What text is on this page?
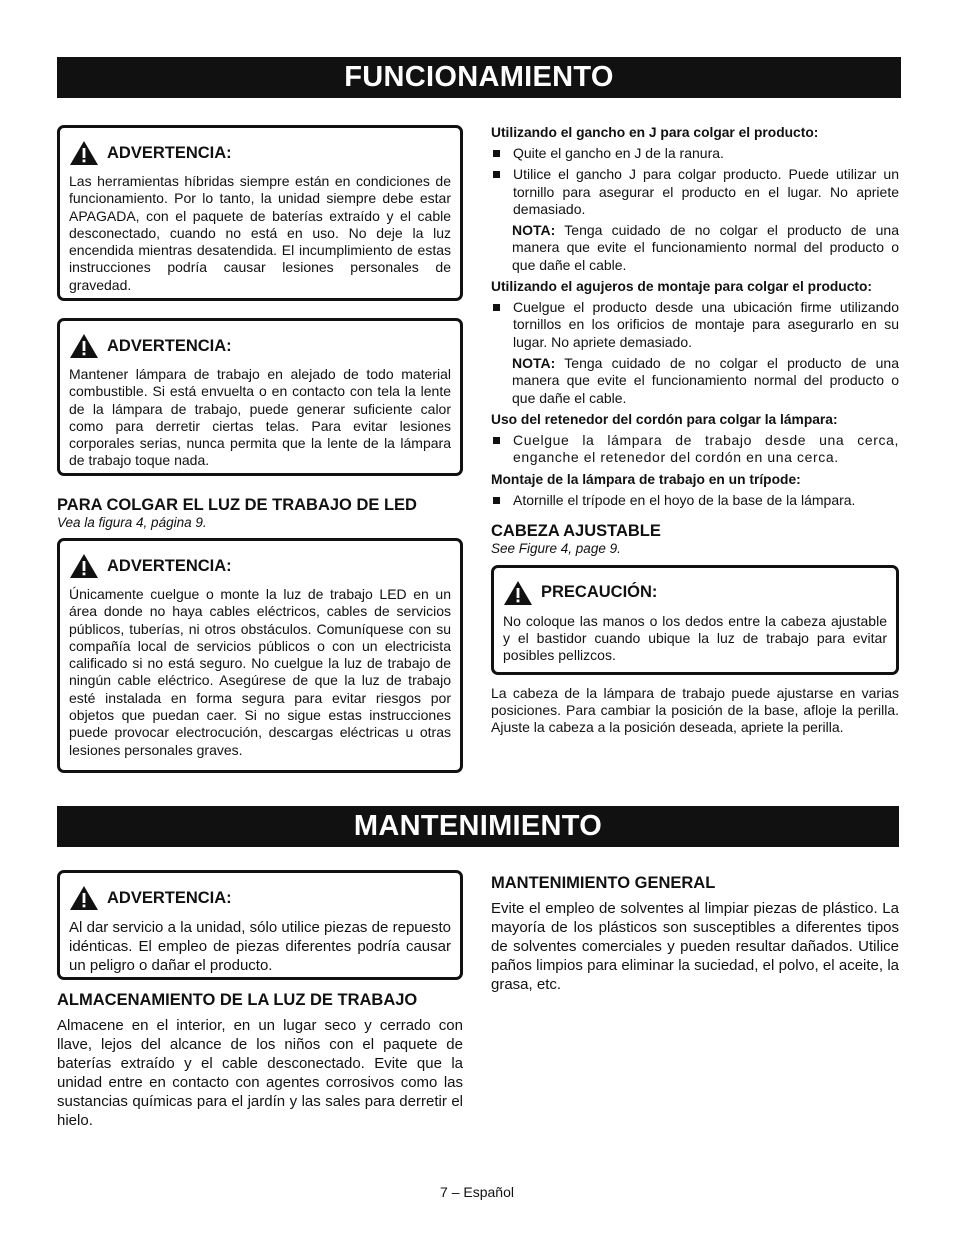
FUNCIONAMIENTO
ADVERTENCIA:
Las herramientas híbridas siempre están en condiciones de funcionamiento. Por lo tanto, la unidad siempre debe estar APAGADA, con el paquete de baterías extraído y el cable desconectado, cuando no está en uso. No deje la luz encendida mientras desatendida. El incumplimiento de estas instrucciones podría causar lesiones personales de gravedad.
ADVERTENCIA:
Mantener lámpara de trabajo en alejado de todo material combustible. Si está envuelta o en contacto con tela la lente de la lámpara de trabajo, puede generar suficiente calor como para derretir ciertas telas. Para evitar lesiones corporales serias, nunca permita que la lente de la lámpara de trabajo toque nada.
PARA COLGAR EL LUZ DE TRABAJO DE LED
Vea la figura 4, página 9.
ADVERTENCIA:
Únicamente cuelgue o monte la luz de trabajo LED en un área donde no haya cables eléctricos, cables de servicios públicos, tuberías, ni otros obstáculos. Comuníquese con su compañía local de servicios públicos o con un electricista calificado si no está seguro. No cuelgue la luz de trabajo de ningún cable eléctrico. Asegúrese de que la luz de trabajo esté instalada en forma segura para evitar riesgos por objetos que puedan caer. Si no sigue estas instrucciones puede provocar electrocución, descargas eléctricas u otras lesiones personales graves.
Utilizando el gancho en J para colgar el producto:
Quite el gancho en J de la ranura.
Utilice el gancho J para colgar producto. Puede utilizar un tornillo para asegurar el producto en el lugar. No apriete demasiado.
NOTA: Tenga cuidado de no colgar el producto de una manera que evite el funcionamiento normal del producto o que dañe el cable.
Utilizando el agujeros de montaje para colgar el producto:
Cuelgue el producto desde una ubicación firme utilizando tornillos en los orificios de montaje para asegurarlo en su lugar. No apriete demasiado.
NOTA: Tenga cuidado de no colgar el producto de una manera que evite el funcionamiento normal del producto o que dañe el cable.
Uso del retenedor del cordón para colgar la lámpara:
Cuelgue la lámpara de trabajo desde una cerca, enganche el retenedor del cordón en una cerca.
Montaje de la lámpara de trabajo en un trípode:
Atornille el trípode en el hoyo de la base de la lámpara.
CABEZA AJUSTABLE
See Figure 4, page 9.
PRECAUCIÓN:
No coloque las manos o los dedos entre la cabeza ajustable y el bastidor cuando ubique la luz de trabajo para evitar posibles pellizcos.
La cabeza de la lámpara de trabajo puede ajustarse en varias posiciones. Para cambiar la posición de la base, afloje la perilla. Ajuste la cabeza a la posición deseada, apriete la perilla.
MANTENIMIENTO
ADVERTENCIA:
Al dar servicio a la unidad, sólo utilice piezas de repuesto idénticas. El empleo de piezas diferentes podría causar un peligro o dañar el producto.
ALMACENAMIENTO DE LA LUZ DE TRABAJO
Almacene en el interior, en un lugar seco y cerrado con llave, lejos del alcance de los niños con el paquete de baterías extraído y el cable desconectado. Evite que la unidad entre en contacto con agentes corrosivos como las sustancias químicas para el jardín y las sales para derretir el hielo.
MANTENIMIENTO GENERAL
Evite el empleo de solventes al limpiar piezas de plástico. La mayoría de los plásticos son susceptibles a diferentes tipos de solventes comerciales y pueden resultar dañados. Utilice paños limpios para eliminar la suciedad, el polvo, el aceite, la grasa, etc.
7 – Español
